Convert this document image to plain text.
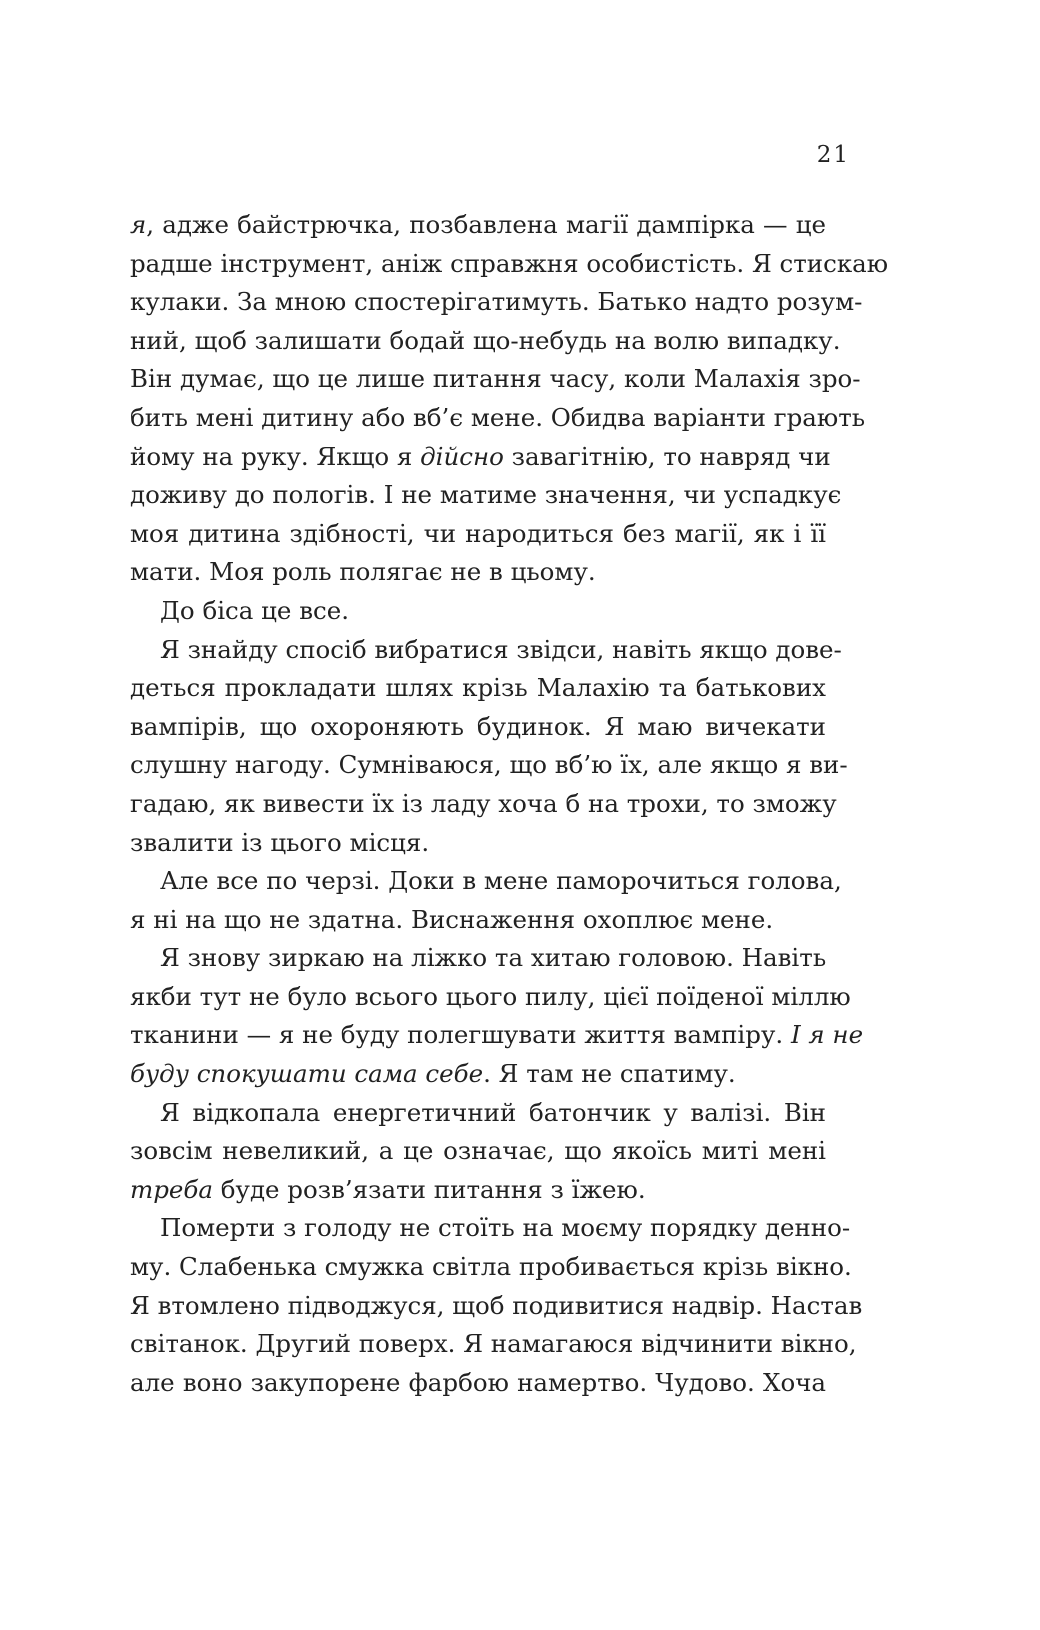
21
я, адже байстрючка, позбавлена магії дампірка — це
радше інструмент, аніж справжня особистість. Я стискаю
кулаки. За мною спостерігатимуть. Батько надто розум-
ний, щоб залишати бодай що-небудь на волю випадку.
Він думає, що це лише питання часу, коли Малахія зро-
бить мені дитину або вб’є мене. Обидва варіанти грають
йому на руку. Якщо я дійсно завагітнію, то навряд чи
доживу до пологів. І не матиме значення, чи успадкує
моя дитина здібності, чи народиться без магії, як і її
мати. Моя роль полягає не в цьому.
До біса це все.
Я знайду спосіб вибратися звідси, навіть якщо дове-
деться прокладати шлях крізь Малахію та батькових
вампірів, що охороняють будинок. Я маю вичекати
слушну нагоду. Сумніваюся, що вб’ю їх, але якщо я ви-
гадаю, як вивести їх із ладу хоча б на трохи, то зможу
звалити із цього місця.
Але все по черзі. Доки в мене паморочиться голова,
я ні на що не здатна. Виснаження охоплює мене.
Я знову зиркаю на ліжко та хитаю головою. Навіть
якби тут не було всього цього пилу, цієї поїденої міллю
тканини — я не буду полегшувати життя вампіру. І я не
буду спокушати сама себе. Я там не спатиму.
Я відкопала енергетичний батончик у валізі. Він
зовсім невеликий, а це означає, що якоїсь миті мені
треба буде розв’язати питання з їжею.
Померти з голоду не стоїть на моєму порядку денно-
му. Слабенька смужка світла пробивається крізь вікно.
Я втомлено підводжуся, щоб подивитися надвір. Настав
світанок. Другий поверх. Я намагаюся відчинити вікно,
але воно закупорене фарбою намертво. Чудово. Хоча
